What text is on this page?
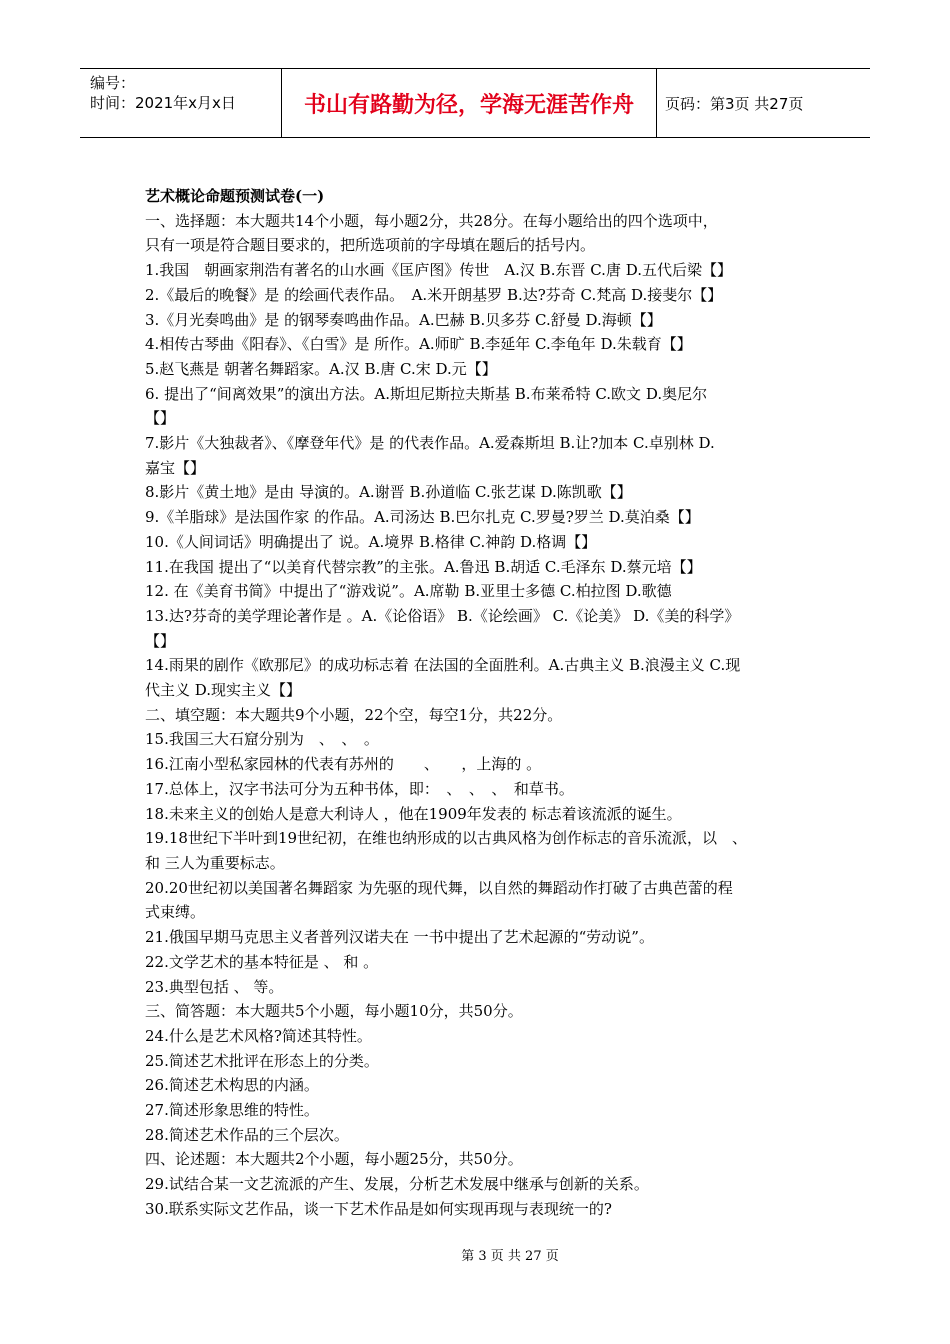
编号：
时间：2021年x月x日	书山有路勤为径，学海无涯苦作舟	页码：第3页 共27页
艺术概论命题预测试卷(一)
一、选择题：本大题共14个小题，每小题2分，共28分。在每小题给出的四个选项中，
只有一项是符合题目要求的，把所选项前的字母填在题后的括号内。
1.我国　朝画家荆浩有著名的山水画《匡庐图》传世　A.汉 B.东晋 C.唐 D.五代后梁【】
2.《最后的晚餐》是 的绘画代表作品。　A.米开朗基罗 B.达?芬奇 C.梵高 D.接斐尔【】
3.《月光奏鸣曲》是 的钢琴奏鸣曲作品。A.巴赫 B.贝多芬 C.舒曼 D.海顿【】
4.相传古琴曲《阳春》、《白雪》是 所作。A.师旷 B.李延年 C.李龟年 D.朱载育【】
5.赵飞燕是 朝著名舞蹈家。A.汉 B.唐 C.宋 D.元【】
6. 提出了“间离效果”的演出方法。A.斯坦尼斯拉夫斯基 B.布莱希特 C.欧文 D.奥尼尔
【】
7.影片《大独裁者》、《摩登年代》是 的代表作品。A.爱森斯坦 B.让?加本 C.卓别林 D.
嘉宝【】
8.影片《黄土地》是由 导演的。A.谢晋 B.孙道临 C.张艺谋 D.陈凯歌【】
9.《羊脂球》是法国作家 的作品。A.司汤达 B.巴尔扎克 C.罗曼?罗兰 D.莫泊桑【】
10.《人间词话》明确提出了 说。A.境界 B.格律 C.神韵 D.格调【】
11.在我国 提出了“以美育代替宗教”的主张。A.鲁迅 B.胡适 C.毛泽东 D.蔡元培【】
12. 在《美育书简》中提出了“游戏说”。A.席勒 B.亚里士多德 C.柏拉图 D.歌德
13.达?芬奇的美学理论著作是 。A.《论俗语》 B.《论绘画》 C.《论美》 D.《美的科学》
【】
14.雨果的剧作《欧那尼》的成功标志着 在法国的全面胜利。A.古典主义 B.浪漫主义 C.现
代主义 D.现实主义【】
二、填空题：本大题共9个小题，22个空，每空1分，共22分。
15.我国三大石窟分别为　、　、　。
16.江南小型私家园林的代表有苏州的　　、　　，上海的 。
17.总体上，汉字书法可分为五种书体，即：　、　、　、　和草书。
18.未来主义的创始人是意大利诗人 ，他在1909年发表的 标志着该流派的诞生。
19.18世纪下半叶到19世纪初，在维也纳形成的以古典风格为创作标志的音乐流派，以　、
和 三人为重要标志。
20.20世纪初以美国著名舞蹈家 为先驱的现代舞，以自然的舞蹈动作打破了古典芭蕾的程
式束缚。
21.俄国早期马克思主义者普列汉诺夫在 一书中提出了艺术起源的“劳动说”。
22.文学艺术的基本特征是 、 和 。
23.典型包括 、 等。
三、简答题：本大题共5个小题，每小题10分，共50分。
24.什么是艺术风格?简述其特性。
25.简述艺术批评在形态上的分类。
26.简述艺术构思的内涵。
27.简述形象思维的特性。
28.简述艺术作品的三个层次。
四、论述题：本大题共2个小题，每小题25分，共50分。
29.试结合某一文艺流派的产生、发展，分析艺术发展中继承与创新的关系。
30.联系实际文艺作品，谈一下艺术作品是如何实现再现与表现统一的?
第 3 页 共 27 页
